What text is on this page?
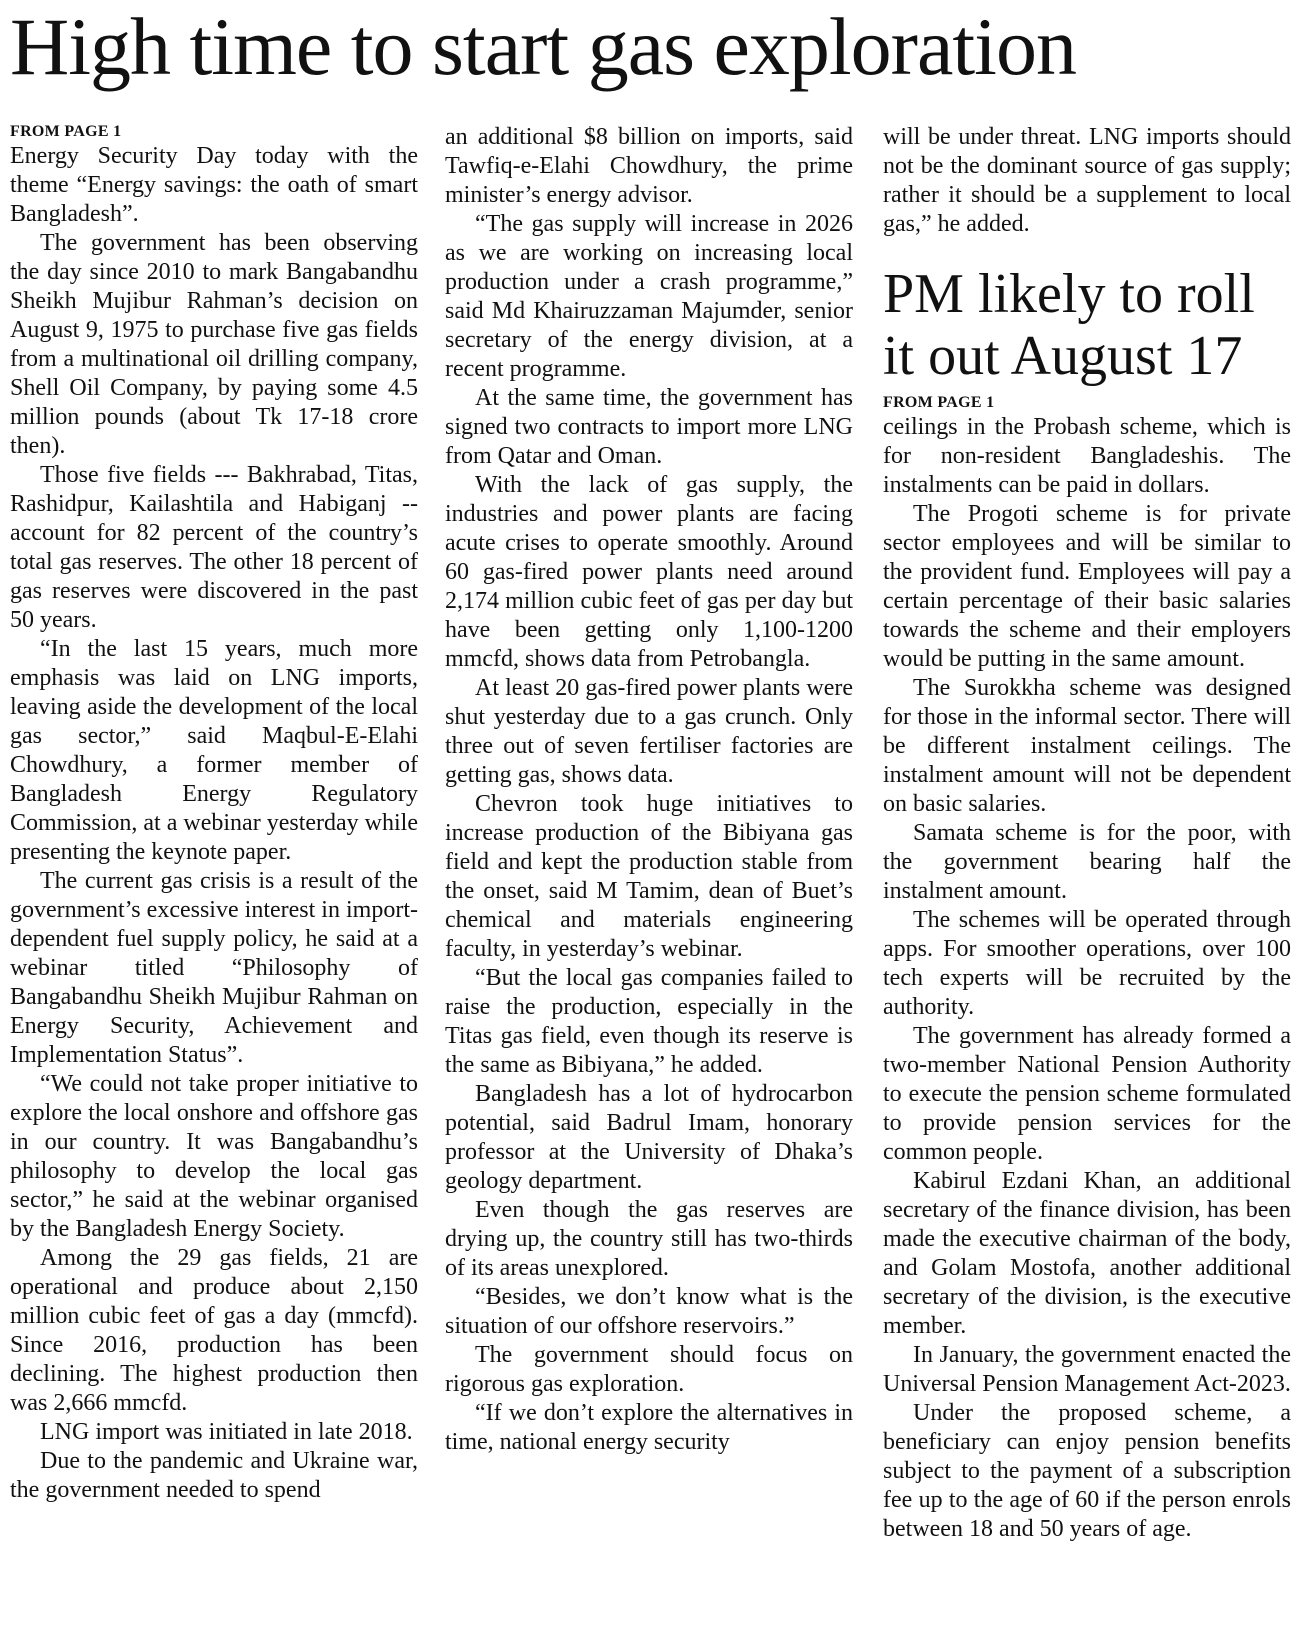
High time to start gas exploration
FROM PAGE 1

Energy Security Day today with the theme “Energy savings: the oath of smart Bangladesh”.

The government has been observing the day since 2010 to mark Bangabandhu Sheikh Mujibur Rahman’s decision on August 9, 1975 to purchase five gas fields from a multinational oil drilling company, Shell Oil Company, by paying some 4.5 million pounds (about Tk 17-18 crore then).

Those five fields --- Bakhrabad, Titas, Rashidpur, Kailashtila and Habiganj -- account for 82 percent of the country’s total gas reserves. The other 18 percent of gas reserves were discovered in the past 50 years.

“In the last 15 years, much more emphasis was laid on LNG imports, leaving aside the development of the local gas sector,” said Maqbul-E-Elahi Chowdhury, a former member of Bangladesh Energy Regulatory Commission, at a webinar yesterday while presenting the keynote paper.

The current gas crisis is a result of the government’s excessive interest in import-dependent fuel supply policy, he said at a webinar titled “Philosophy of Bangabandhu Sheikh Mujibur Rahman on Energy Security, Achievement and Implementation Status”.

“We could not take proper initiative to explore the local onshore and offshore gas in our country. It was Bangabandhu’s philosophy to develop the local gas sector,” he said at the webinar organised by the Bangladesh Energy Society.

Among the 29 gas fields, 21 are operational and produce about 2,150 million cubic feet of gas a day (mmcfd). Since 2016, production has been declining. The highest production then was 2,666 mmcfd.

LNG import was initiated in late 2018.

Due to the pandemic and Ukraine war, the government needed to spend

an additional $8 billion on imports, said Tawfiq-e-Elahi Chowdhury, the prime minister’s energy advisor.

“The gas supply will increase in 2026 as we are working on increasing local production under a crash programme,” said Md Khairuzzaman Majumder, senior secretary of the energy division, at a recent programme.

At the same time, the government has signed two contracts to import more LNG from Qatar and Oman.

With the lack of gas supply, the industries and power plants are facing acute crises to operate smoothly. Around 60 gas-fired power plants need around 2,174 million cubic feet of gas per day but have been getting only 1,100-1200 mmcfd, shows data from Petrobangla.

At least 20 gas-fired power plants were shut yesterday due to a gas crunch. Only three out of seven fertiliser factories are getting gas, shows data.

Chevron took huge initiatives to increase production of the Bibiyana gas field and kept the production stable from the onset, said M Tamim, dean of Buet’s chemical and materials engineering faculty, in yesterday’s webinar.

“But the local gas companies failed to raise the production, especially in the Titas gas field, even though its reserve is the same as Bibiyana,” he added.

Bangladesh has a lot of hydrocarbon potential, said Badrul Imam, honorary professor at the University of Dhaka’s geology department.

Even though the gas reserves are drying up, the country still has two-thirds of its areas unexplored.

“Besides, we don’t know what is the situation of our offshore reservoirs.”

The government should focus on rigorous gas exploration.

“If we don’t explore the alternatives in time, national energy security

will be under threat. LNG imports should not be the dominant source of gas supply; rather it should be a supplement to local gas,” he added.

PM likely to roll it out August 17
FROM PAGE 1

ceilings in the Probash scheme, which is for non-resident Bangladeshis. The instalments can be paid in dollars.

The Progoti scheme is for private sector employees and will be similar to the provident fund. Employees will pay a certain percentage of their basic salaries towards the scheme and their employers would be putting in the same amount.

The Surokkha scheme was designed for those in the informal sector. There will be different instalment ceilings. The instalment amount will not be dependent on basic salaries.

Samata scheme is for the poor, with the government bearing half the instalment amount.

The schemes will be operated through apps. For smoother operations, over 100 tech experts will be recruited by the authority.

The government has already formed a two-member National Pension Authority to execute the pension scheme formulated to provide pension services for the common people.

Kabirul Ezdani Khan, an additional secretary of the finance division, has been made the executive chairman of the body, and Golam Mostofa, another additional secretary of the division, is the executive member.

In January, the government enacted the Universal Pension Management Act-2023.

Under the proposed scheme, a beneficiary can enjoy pension benefits subject to the payment of a subscription fee up to the age of 60 if the person enrols between 18 and 50 years of age.
